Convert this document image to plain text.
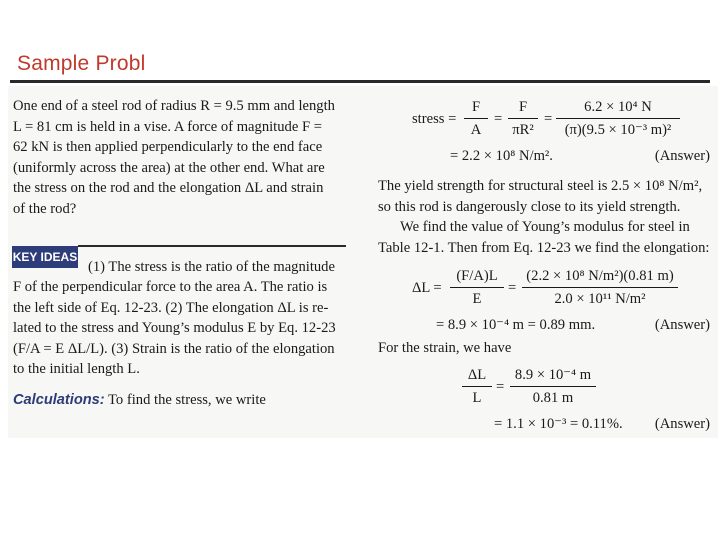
Sample Probl
One end of a steel rod of radius R = 9.5 mm and length
L = 81 cm is held in a vise. A force of magnitude F =
62 kN is then applied perpendicularly to the end face
(uniformly across the area) at the other end. What are
the stress on the rod and the elongation ΔL and strain
of the rod?
KEY IDEAS
(1) The stress is the ratio of the magnitude
F of the perpendicular force to the area A. The ratio is
the left side of Eq. 12-23. (2) The elongation ΔL is re-
lated to the stress and Young’s modulus E by Eq. 12-23
(F/A = E ΔL/L). (3) Strain is the ratio of the elongation
to the initial length L.
Calculations: To find the stress, we write
stress =
F
A
=
F
πR²
=
6.2 × 10⁴ N
(π)(9.5 × 10⁻³ m)²
= 2.2 × 10⁸ N/m².	(Answer)
The yield strength for structural steel is 2.5 × 10⁸ N/m²,
so this rod is dangerously close to its yield strength.
We find the value of Young’s modulus for steel in
Table 12-1. Then from Eq. 12-23 we find the elongation:
ΔL =
(F/A)L
E
=
(2.2 × 10⁸ N/m²)(0.81 m)
2.0 × 10¹¹ N/m²
= 8.9 × 10⁻⁴ m = 0.89 mm.	(Answer)
For the strain, we have
ΔL
L
=
8.9 × 10⁻⁴ m
0.81 m
= 1.1 × 10⁻³ = 0.11%.	(Answer)
